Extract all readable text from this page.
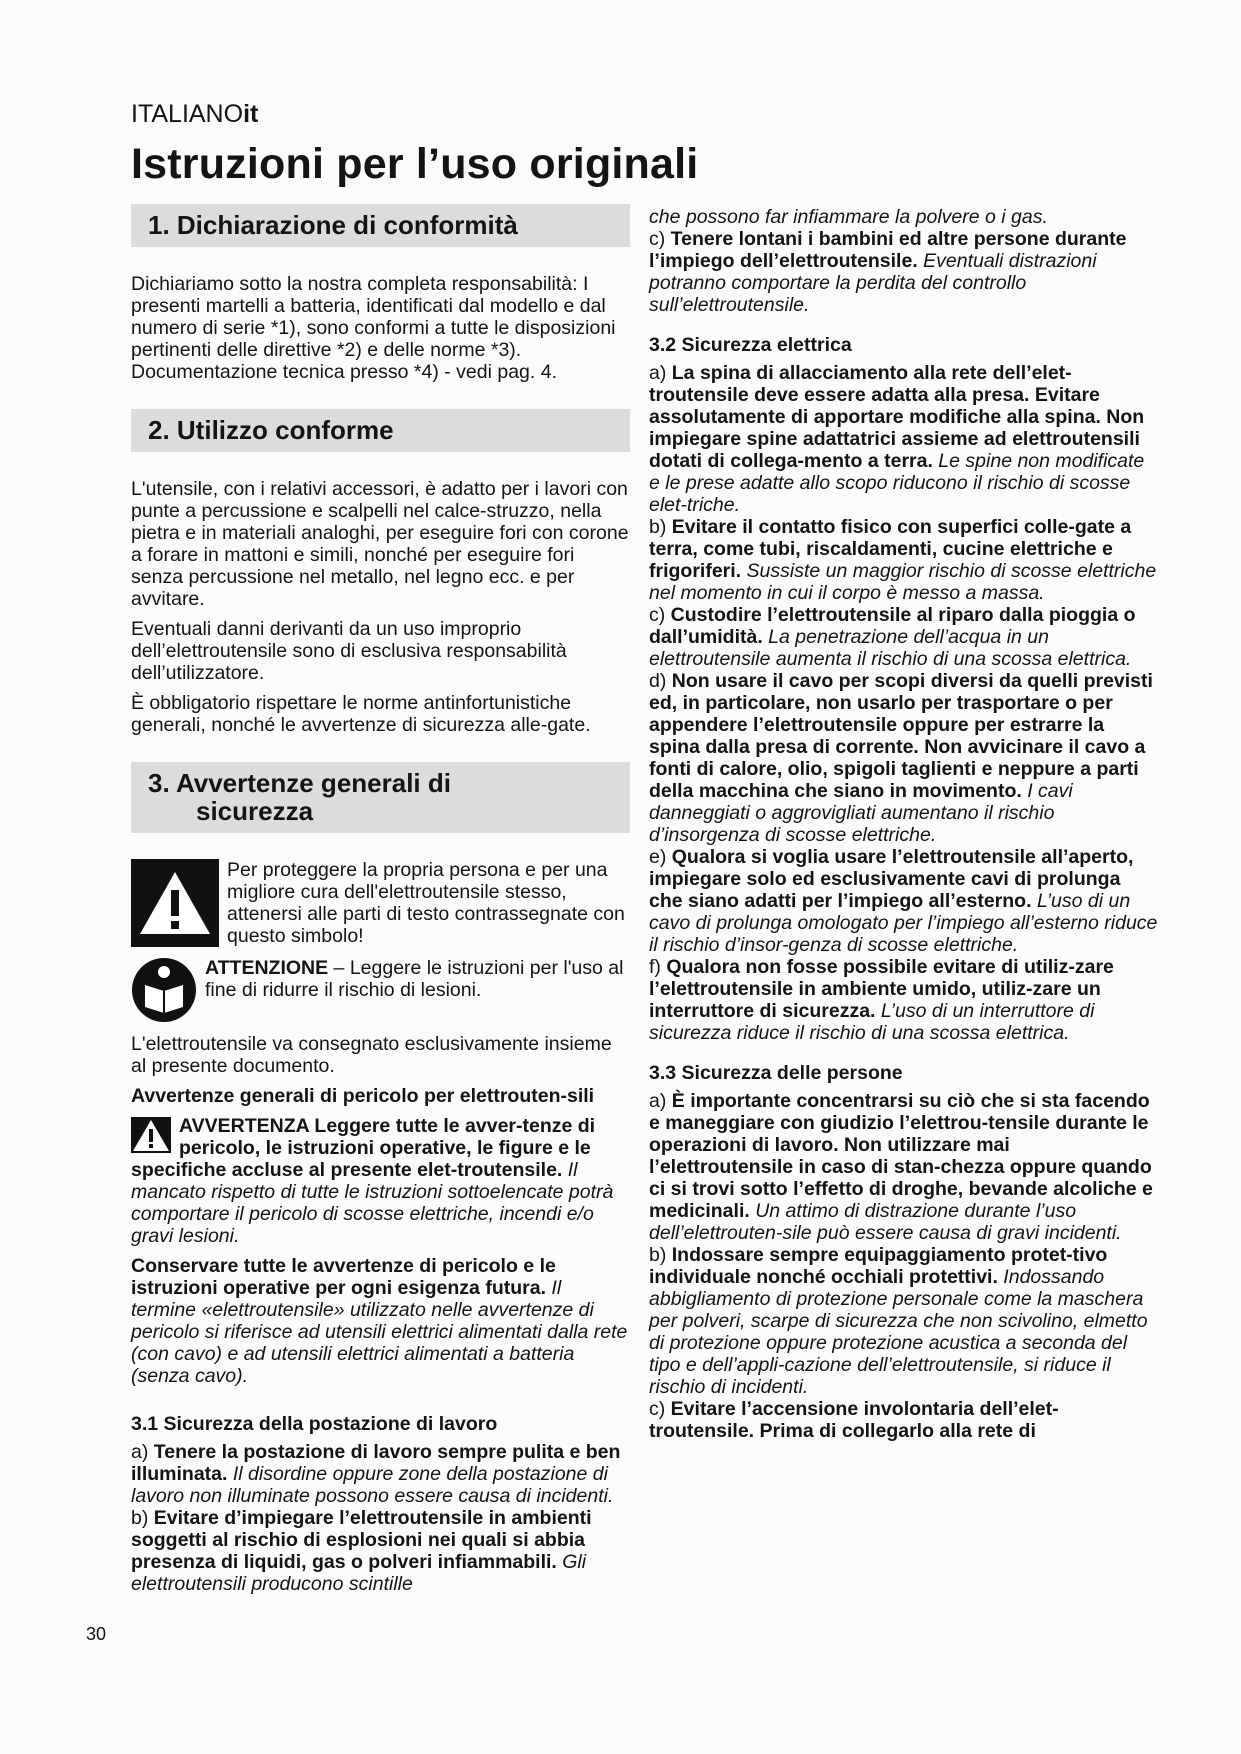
ITALIANOit
Istruzioni per l’uso originali
1. Dichiarazione di conformità

Dichiariamo sotto la nostra completa responsabilità: I presenti martelli a batteria, identificati dal modello e dal numero di serie *1), sono conformi a tutte le disposizioni pertinenti delle direttive *2) e delle norme *3). Documentazione tecnica presso *4) - vedi pag. 4.

2. Utilizzo conforme

L'utensile, con i relativi accessori, è adatto per i lavori con punte a percussione e scalpelli nel calce-struzzo, nella pietra e in materiali analoghi, per eseguire fori con corone a forare in mattoni e simili, nonché per eseguire fori senza percussione nel metallo, nel legno ecc. e per avvitare.

Eventuali danni derivanti da un uso improprio dell’elettroutensile sono di esclusiva responsabilità dell’utilizzatore.

È obbligatorio rispettare le norme antinfortunistiche generali, nonché le avvertenze di sicurezza alle-gate.

3. Avvertenze generali di
sicurezza

Per proteggere la propria persona e per una migliore cura dell'elettroutensile stesso, attenersi alle parti di testo contrassegnate con questo simbolo!

ATTENZIONE – Leggere le istruzioni per l'uso al fine di ridurre il rischio di lesioni.

L'elettroutensile va consegnato esclusivamente insieme al presente documento.

Avvertenze generali di pericolo per elettrouten-sili

AVVERTENZA Leggere tutte le avver-tenze di pericolo, le istruzioni operative, le figure e le specifiche accluse al presente elet-troutensile. Il mancato rispetto di tutte le istruzioni sottoelencate potrà comportare il pericolo di scosse elettriche, incendi e/o gravi lesioni.

Conservare tutte le avvertenze di pericolo e le istruzioni operative per ogni esigenza futura. Il termine «elettroutensile» utilizzato nelle avvertenze di pericolo si riferisce ad utensili elettrici alimentati dalla rete (con cavo) e ad utensili elettrici alimentati a batteria (senza cavo).

3.1 Sicurezza della postazione di lavoro

a) Tenere la postazione di lavoro sempre pulita e ben illuminata. Il disordine oppure zone della postazione di lavoro non illuminate possono essere causa di incidenti.

b) Evitare d’impiegare l’elettroutensile in ambienti soggetti al rischio di esplosioni nei quali si abbia presenza di liquidi, gas o polveri infiammabili. Gli elettroutensili producono scintille

che possono far infiammare la polvere o i gas.

c) Tenere lontani i bambini ed altre persone durante l’impiego dell’elettroutensile. Eventuali distrazioni potranno comportare la perdita del controllo sull’elettroutensile.

3.2 Sicurezza elettrica

a) La spina di allacciamento alla rete dell’elet-troutensile deve essere adatta alla presa. Evitare assolutamente di apportare modifiche alla spina. Non impiegare spine adattatrici assieme ad elettroutensili dotati di collega-mento a terra. Le spine non modificate e le prese adatte allo scopo riducono il rischio di scosse elet-triche.

b) Evitare il contatto fisico con superfici colle-gate a terra, come tubi, riscaldamenti, cucine elettriche e frigoriferi. Sussiste un maggior rischio di scosse elettriche nel momento in cui il corpo è messo a massa.

c) Custodire l’elettroutensile al riparo dalla pioggia o dall’umidità. La penetrazione dell’acqua in un elettroutensile aumenta il rischio di una scossa elettrica.

d) Non usare il cavo per scopi diversi da quelli previsti ed, in particolare, non usarlo per trasportare o per appendere l’elettroutensile oppure per estrarre la spina dalla presa di corrente. Non avvicinare il cavo a fonti di calore, olio, spigoli taglienti e neppure a parti della macchina che siano in movimento. I cavi danneggiati o aggrovigliati aumentano il rischio d’insorgenza di scosse elettriche.

e) Qualora si voglia usare l’elettroutensile all’aperto, impiegare solo ed esclusivamente cavi di prolunga che siano adatti per l’impiego all’esterno. L’uso di un cavo di prolunga omologato per l’impiego all’esterno riduce il rischio d’insor-genza di scosse elettriche.

f) Qualora non fosse possibile evitare di utiliz-zare l’elettroutensile in ambiente umido, utiliz-zare un interruttore di sicurezza. L’uso di un interruttore di sicurezza riduce il rischio di una scossa elettrica.

3.3 Sicurezza delle persone

a) È importante concentrarsi su ciò che si sta facendo e maneggiare con giudizio l’elettrou-tensile durante le operazioni di lavoro. Non utilizzare mai l’elettroutensile in caso di stan-chezza oppure quando ci si trovi sotto l’effetto di droghe, bevande alcoliche e medicinali. Un attimo di distrazione durante l’uso dell’elettrouten-sile può essere causa di gravi incidenti.

b) Indossare sempre equipaggiamento protet-tivo individuale nonché occhiali protettivi. Indossando abbigliamento di protezione personale come la maschera per polveri, scarpe di sicurezza che non scivolino, elmetto di protezione oppure protezione acustica a seconda del tipo e dell’appli-cazione dell’elettroutensile, si riduce il rischio di incidenti.

c) Evitare l’accensione involontaria dell’elet-troutensile. Prima di collegarlo alla rete di

30
